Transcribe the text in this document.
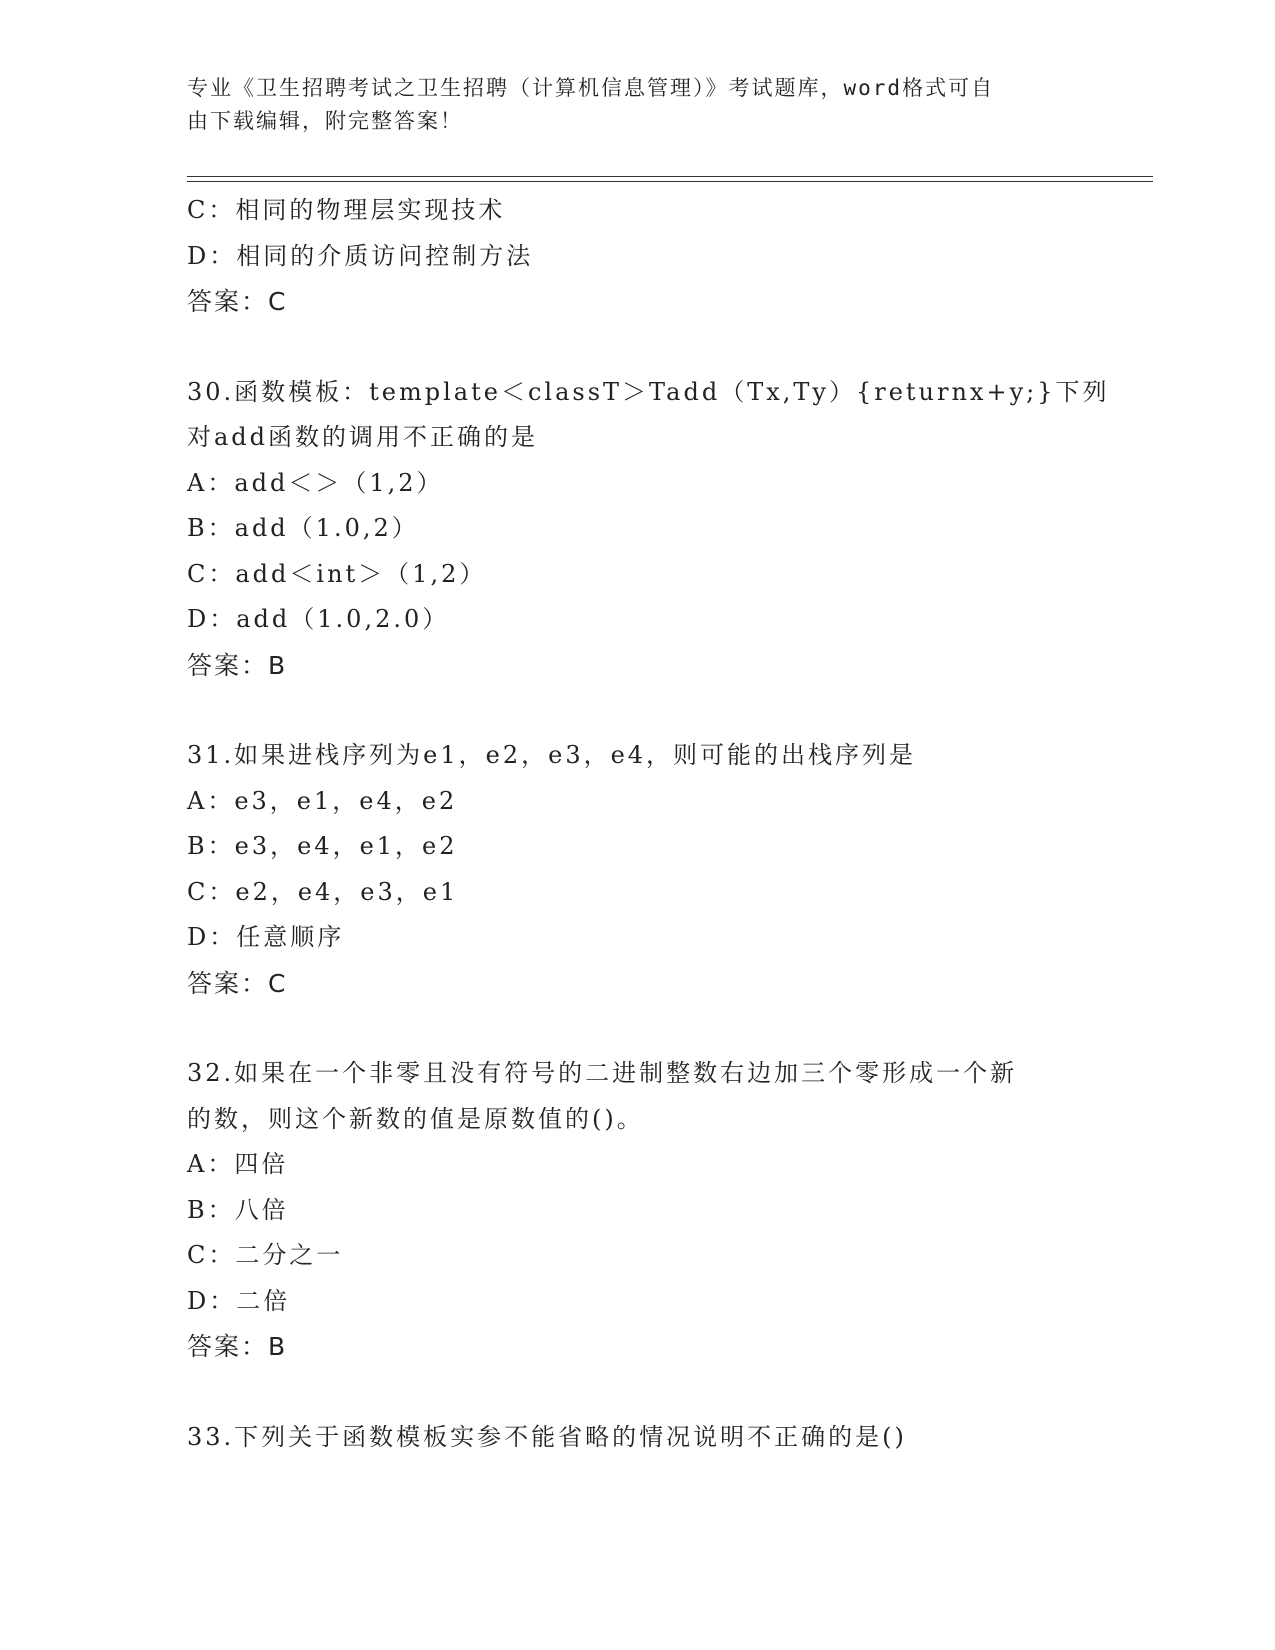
专业《卫生招聘考试之卫生招聘（计算机信息管理）》考试题库，word格式可自
由下载编辑，附完整答案！
C：相同的物理层实现技术
D：相同的介质访问控制方法
答案：C
30.函数模板：template＜classT＞Tadd（Tx,Ty）{returnx+y;}下列
对add函数的调用不正确的是
A：add＜＞（1,2）
B：add（1.0,2）
C：add＜int＞（1,2）
D：add（1.0,2.0）
答案：B
31.如果进栈序列为e1，e2，e3，e4，则可能的出栈序列是
A：e3，e1，e4，e2
B：e3，e4，e1，e2
C：e2，e4，e3，e1
D：任意顺序
答案：C
32.如果在一个非零且没有符号的二进制整数右边加三个零形成一个新
的数，则这个新数的值是原数值的()。
A：四倍
B：八倍
C：二分之一
D：二倍
答案：B
33.下列关于函数模板实参不能省略的情况说明不正确的是()
